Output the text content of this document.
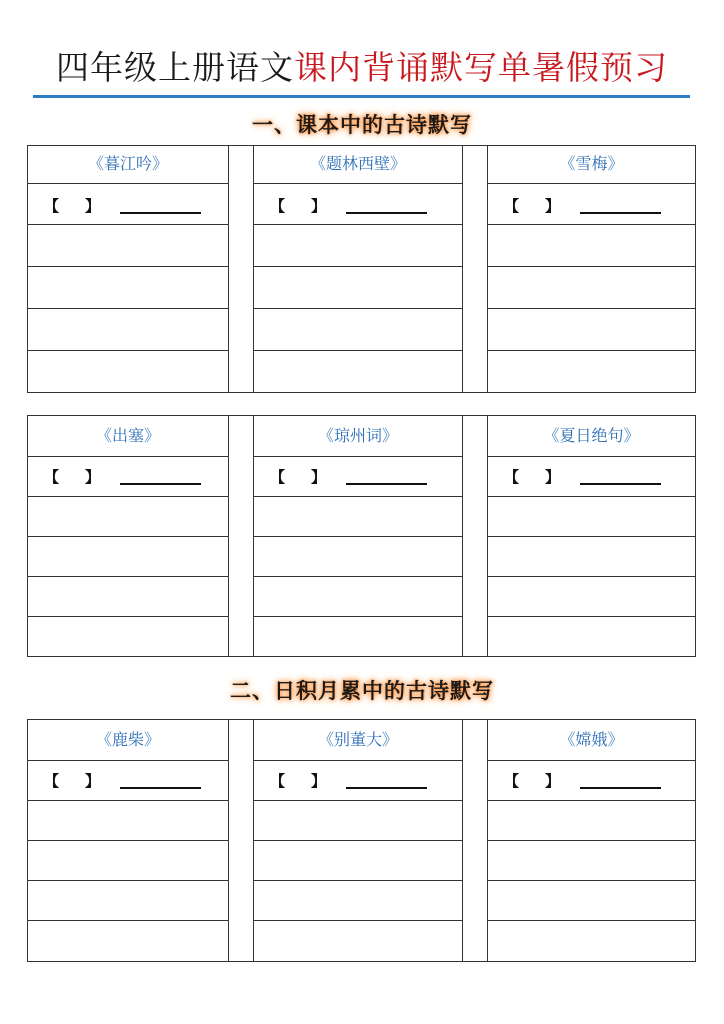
四年级上册语文课内背诵默写单暑假预习
一、课本中的古诗默写
《暮江吟》
【 】
《题林西壁》
【 】
《雪梅》
【 】
《出塞》
【 】
《琼州词》
【 】
《夏日绝句》
【 】
二、日积月累中的古诗默写
《鹿柴》
【 】
《别董大》
【 】
《嫦娥》
【 】
